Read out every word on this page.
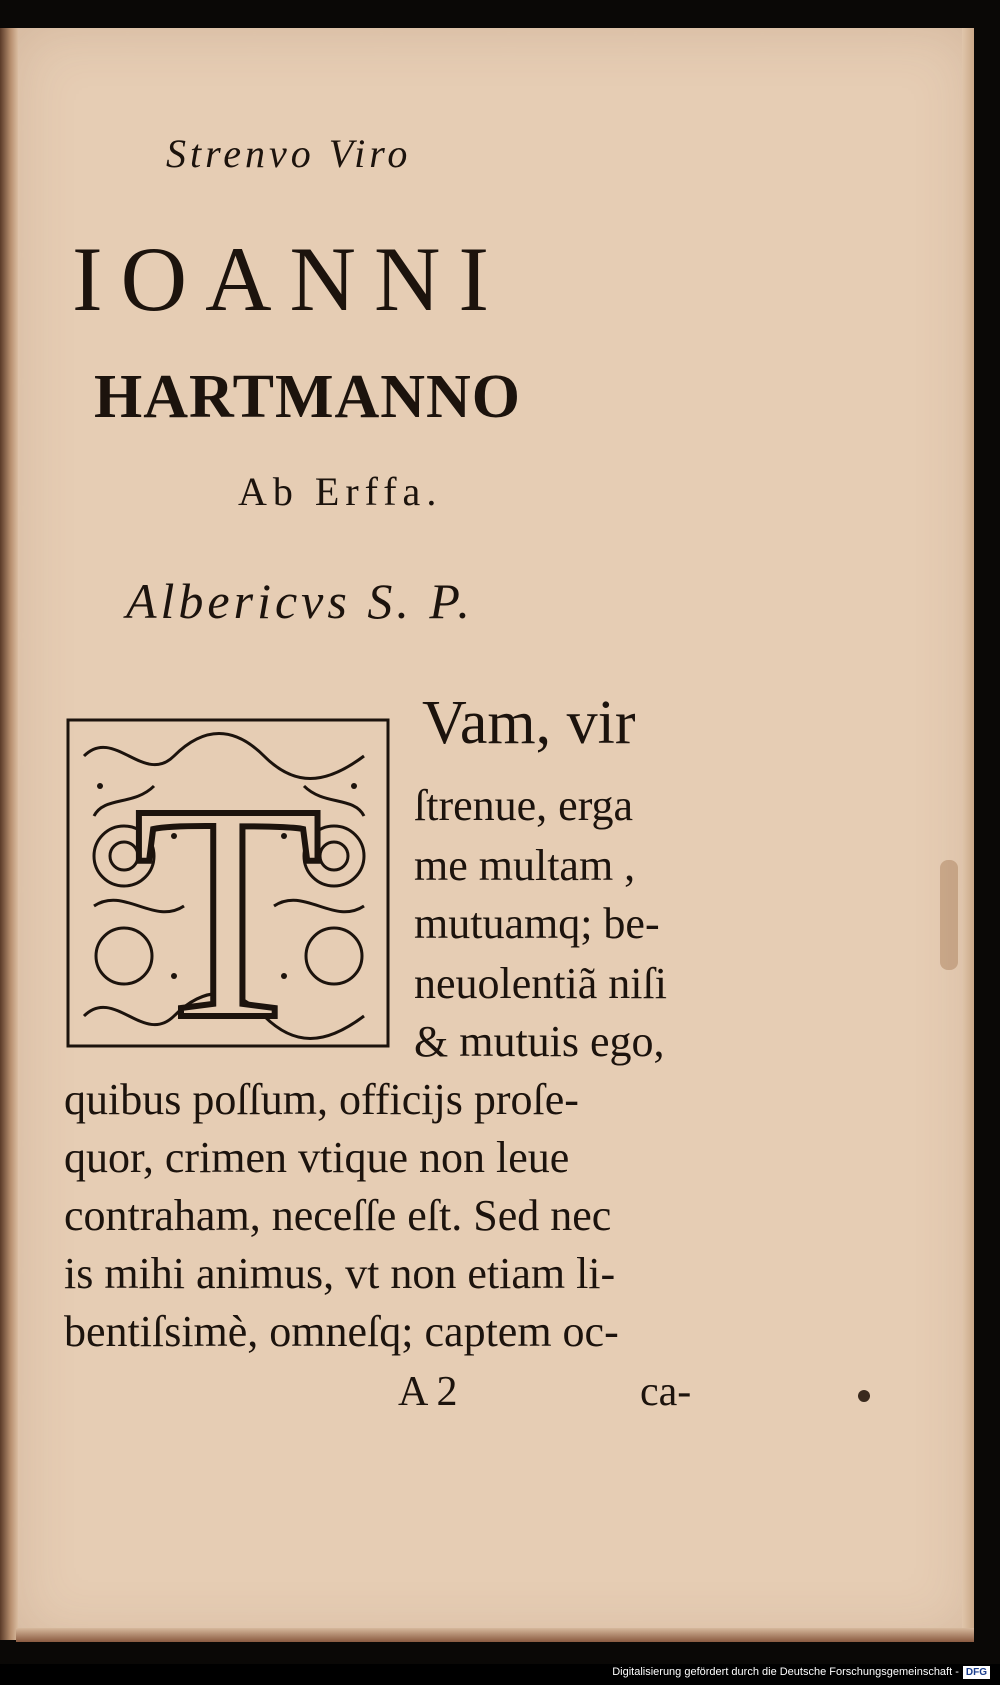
Strenvo Viro
IOANNI
HARTMANNO
Ab Erffa.
Albericvs S. P.
T
Vam, vir
ſtrenue, erga
me multam ,
mutuamq; be-
neuolentiã niſi
& mutuis ego,
quibus poſſum, officijs proſe-
quor, crimen vtique non leue
contraham, neceſſe eſt. Sed nec
is mihi animus, vt non etiam li-
bentiſsimè, omneſq; captem oc-
A 2	ca-
Digitalisierung gefördert durch die Deutsche Forschungsgemeinschaft - DFG
